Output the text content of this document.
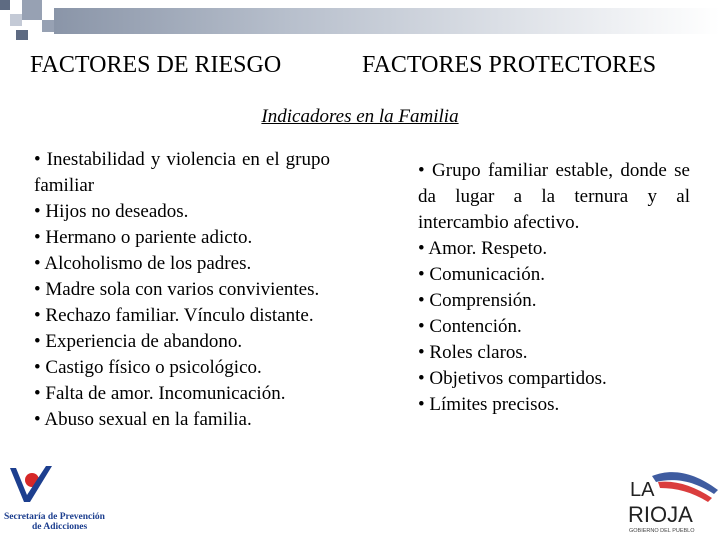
FACTORES DE RIESGO	FACTORES PROTECTORES
Indicadores en la Familia
• Inestabilidad y violencia en el grupo familiar
• Hijos no deseados.
• Hermano o pariente adicto.
• Alcoholismo de los padres.
• Madre sola con varios convivientes.
• Rechazo familiar. Vínculo distante.
• Experiencia de abandono.
• Castigo físico o psicológico.
• Falta de amor. Incomunicación.
• Abuso sexual en la familia.
• Grupo familiar estable, donde se da lugar a la ternura y al intercambio afectivo.
• Amor. Respeto.
• Comunicación.
• Comprensión.
• Contención.
• Roles claros.
• Objetivos compartidos.
• Límites precisos.
Secretaría de Prevención
de Adicciones
LA
RIOJA
GOBIERNO DEL PUEBLO
